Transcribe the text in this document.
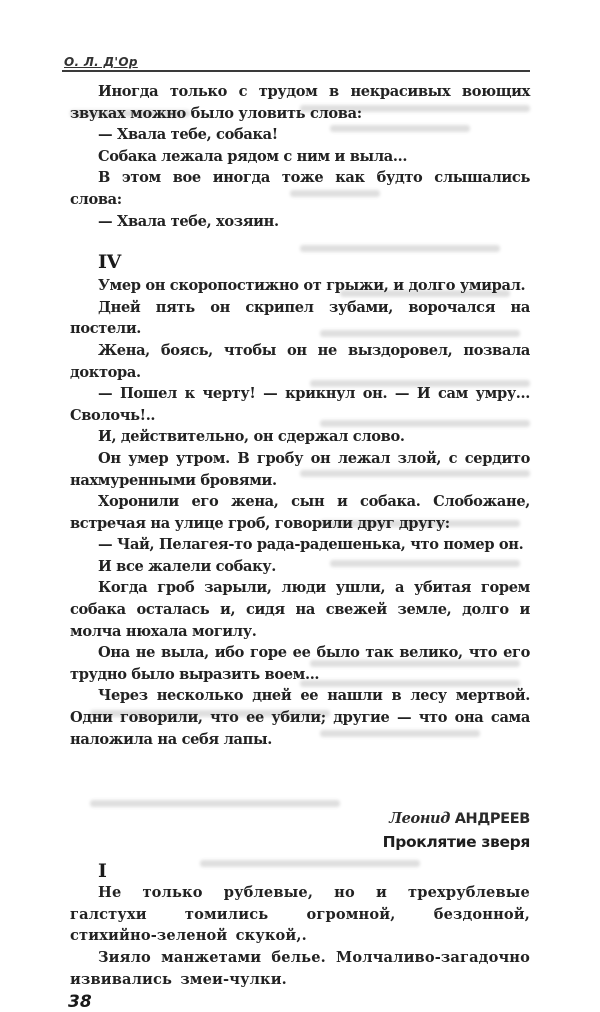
О. Л. Д'Ор

Иногда только с трудом в некрасивых воющих звуках можно было уловить слова:

— Хвала тебе, собака!

Собака лежала рядом с ним и выла...

В этом вое иногда тоже как будто слышались слова:

— Хвала тебе, хозяин.

IV

Умер он скоропостижно от грыжи, и долго умирал.

Дней пять он скрипел зубами, ворочался на постели.

Жена, боясь, чтобы он не выздоровел, позвала доктора.

— Пошел к черту! — крикнул он. — И сам умру... Сволочь!..

И, действительно, он сдержал слово.

Он умер утром. В гробу он лежал злой, с сердито нахмуренными бровями.

Хоронили его жена, сын и собака. Слобожане, встречая на улице гроб, говорили друг другу:

— Чай, Пелагея-то рада-радешенька, что помер он.

И все жалели собаку.

Когда гроб зарыли, люди ушли, а убитая горем собака осталась и, сидя на свежей земле, долго и молча нюхала могилу.

Она не выла, ибо горе ее было так велико, что его трудно было выразить воем...

Через несколько дней ее нашли в лесу мертвой. Одни говорили, что ее убили; другие — что она сама наложила на себя лапы.

Леонид АНДРЕЕВ
Проклятие зверя
I

Не только рублевые, но и трехрублевые галстухи томились огромной, бездонной, стихийно-зеленой скукой,.

Зияло манжетами белье. Молчаливо-загадочно извивались змеи-чулки.

38
